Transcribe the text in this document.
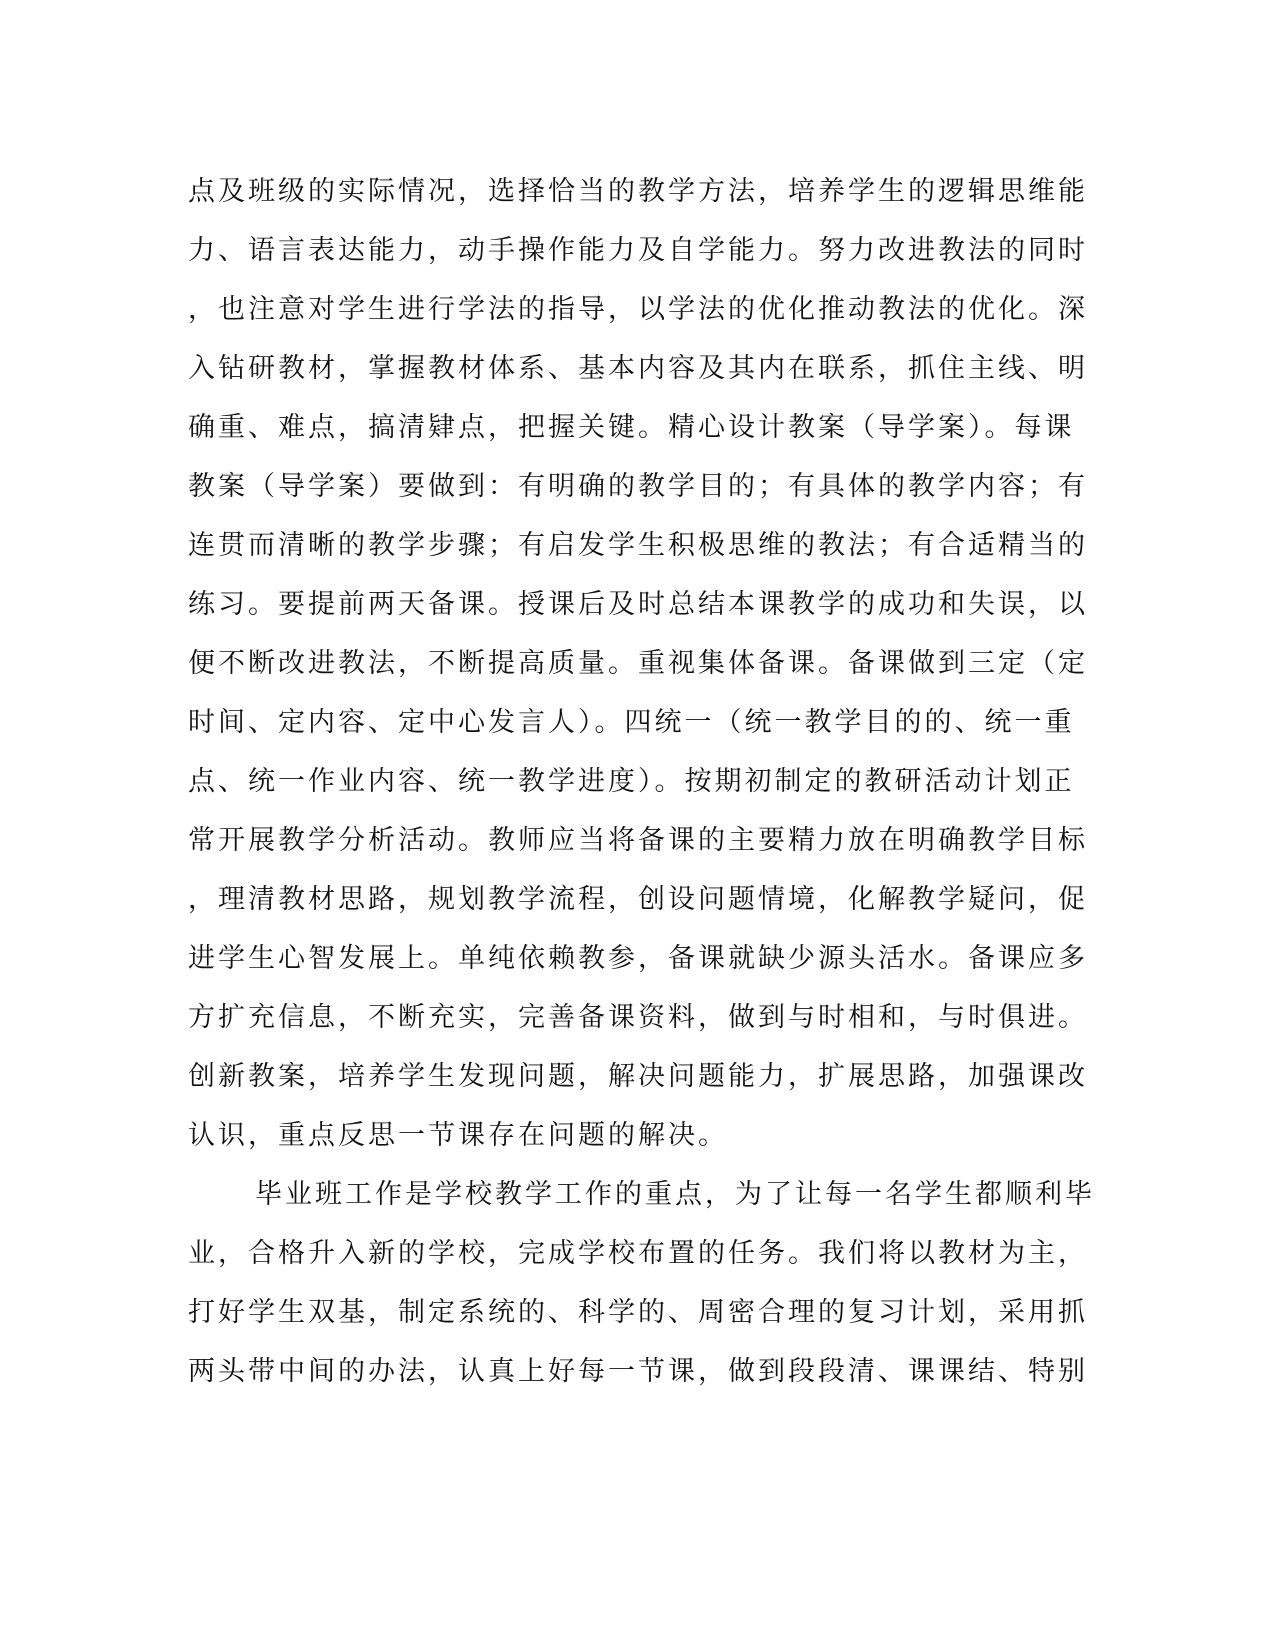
点及班级的实际情况，选择恰当的教学方法，培养学生的逻辑思维能
力、语言表达能力，动手操作能力及自学能力。努力改进教法的同时
，也注意对学生进行学法的指导，以学法的优化推动教法的优化。深
入钻研教材，掌握教材体系、基本内容及其内在联系，抓住主线、明
确重、难点，搞清肄点，把握关键。精心设计教案（导学案）。每课
教案（导学案）要做到：有明确的教学目的；有具体的教学内容；有
连贯而清晰的教学步骤；有启发学生积极思维的教法；有合适精当的
练习。要提前两天备课。授课后及时总结本课教学的成功和失误，以
便不断改进教法，不断提高质量。重视集体备课。备课做到三定（定
时间、定内容、定中心发言人）。四统一（统一教学目的的、统一重
点、统一作业内容、统一教学进度）。按期初制定的教研活动计划正
常开展教学分析活动。教师应当将备课的主要精力放在明确教学目标
，理清教材思路，规划教学流程，创设问题情境，化解教学疑问，促
进学生心智发展上。单纯依赖教参，备课就缺少源头活水。备课应多
方扩充信息，不断充实，完善备课资料，做到与时相和，与时俱进。
创新教案，培养学生发现问题，解决问题能力，扩展思路，加强课改
认识，重点反思一节课存在问题的解决。
毕业班工作是学校教学工作的重点，为了让每一名学生都顺利毕
业，合格升入新的学校，完成学校布置的任务。我们将以教材为主，
打好学生双基，制定系统的、科学的、周密合理的复习计划，采用抓
两头带中间的办法，认真上好每一节课，做到段段清、课课结、特别
